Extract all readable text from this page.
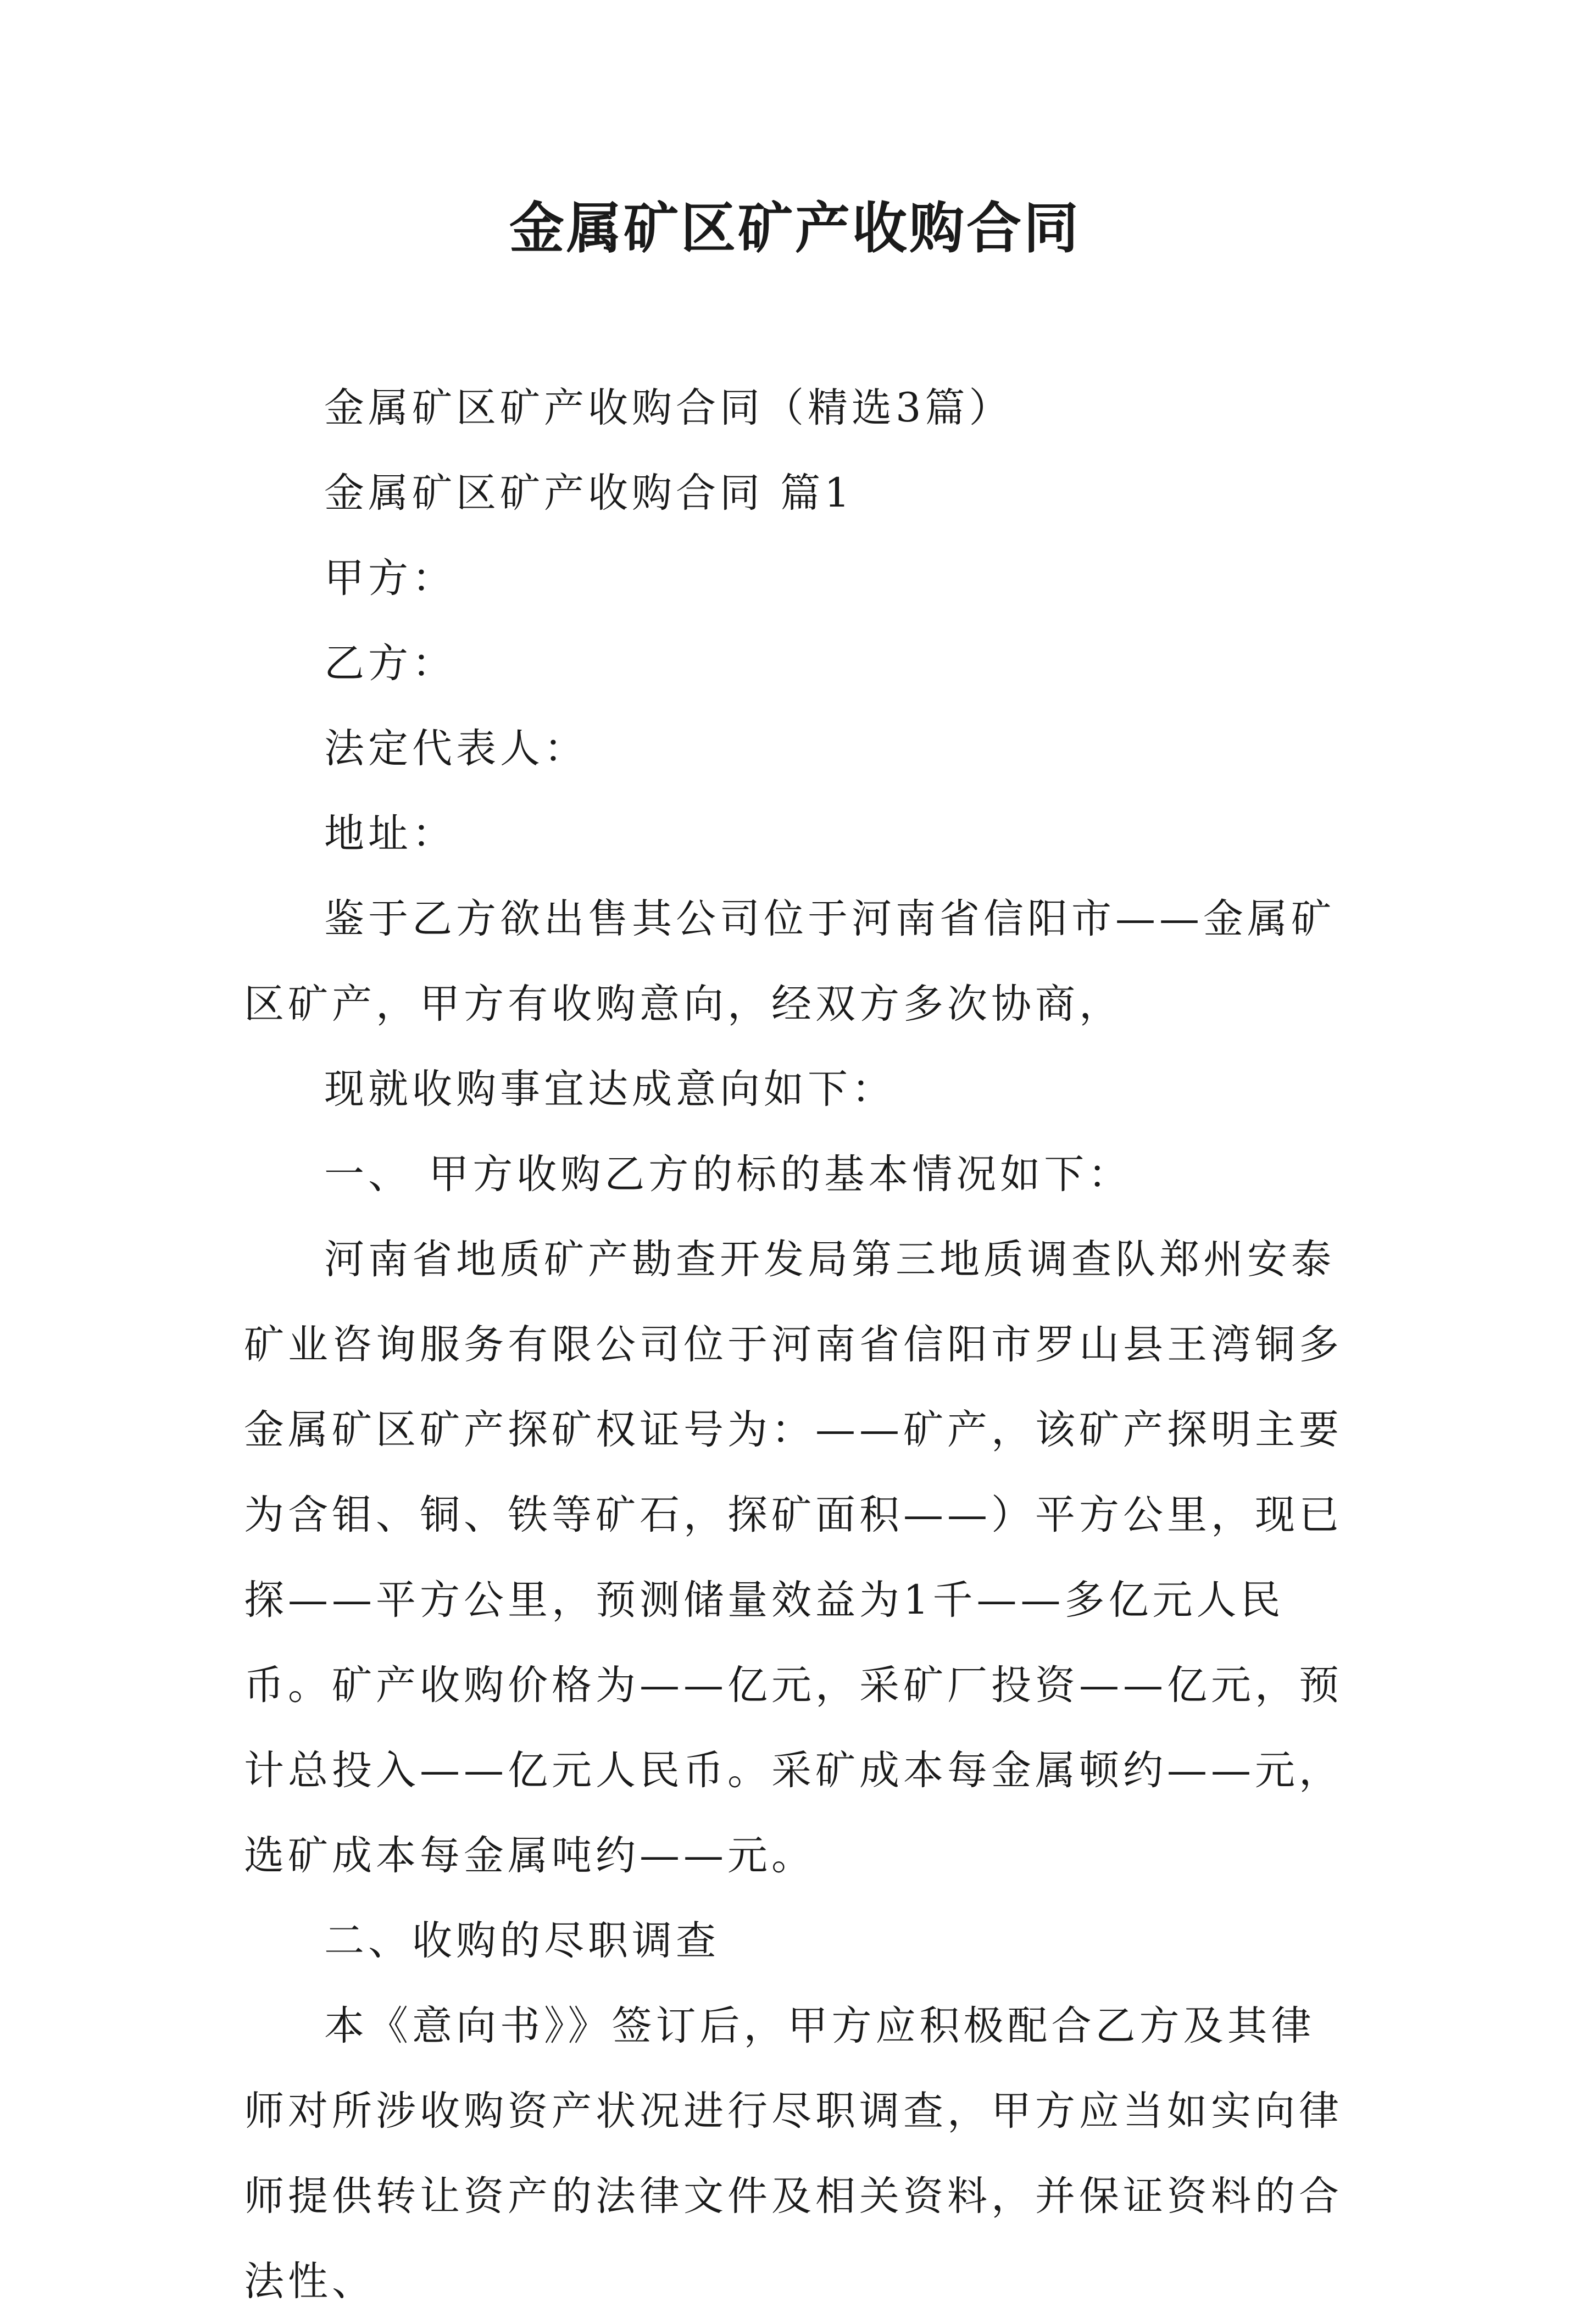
金属矿区矿产收购合同

金属矿区矿产收购合同（精选3篇）

金属矿区矿产收购合同 篇1

甲方：

乙方：

法定代表人：

地址：

鉴于乙方欲出售其公司位于河南省信阳市——金属矿区矿产，甲方有收购意向，经双方多次协商，

现就收购事宜达成意向如下：

一、 甲方收购乙方的标的基本情况如下：

河南省地质矿产勘查开发局第三地质调查队郑州安泰矿业咨询服务有限公司位于河南省信阳市罗山县王湾铜多金属矿区矿产探矿权证号为：——矿产，该矿产探明主要为含钼、铜、铁等矿石，探矿面积——）平方公里，现已探——平方公里，预测储量效益为1千——多亿元人民币。矿产收购价格为——亿元，采矿厂投资——亿元，预计总投入——亿元人民币。采矿成本每金属顿约——元，选矿成本每金属吨约——元。

二、收购的尽职调查

本《意向书》》签订后，甲方应积极配合乙方及其律师对所涉收购资产状况进行尽职调查，甲方应当如实向律师提供转让资产的法律文件及相关资料，并保证资料的合法性、
